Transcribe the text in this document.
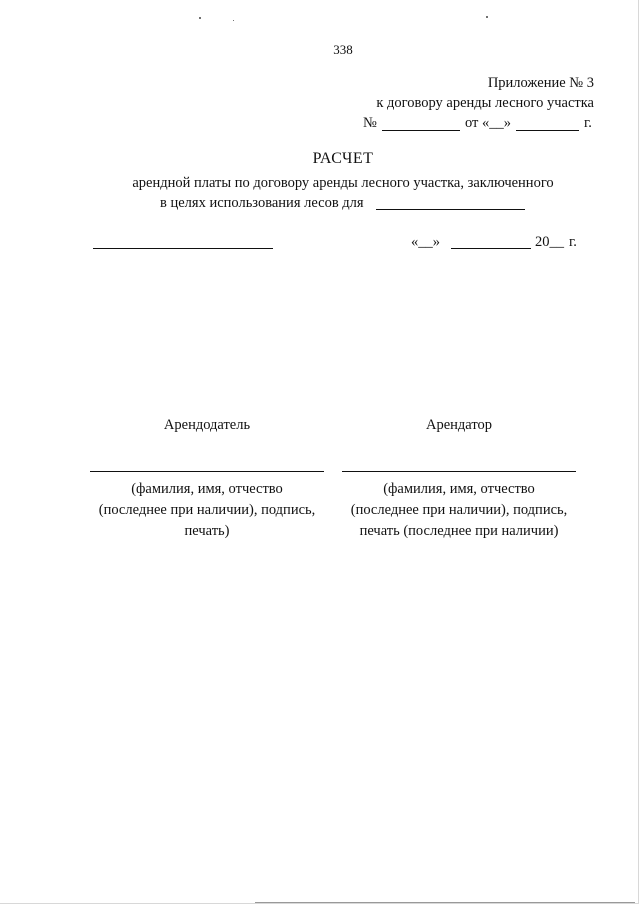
338
Приложение № 3
к договору аренды лесного участка
№	от «__»	г.
РАСЧЕТ
арендной платы по договору аренды лесного участка, заключенного
в целях использования лесов для
«__»	20__ г.
Арендодатель
(фамилия, имя, отчество
(последнее при наличии), подпись,
печать)
Арендатор
(фамилия, имя, отчество
(последнее при наличии), подпись,
печать (последнее при наличии)
